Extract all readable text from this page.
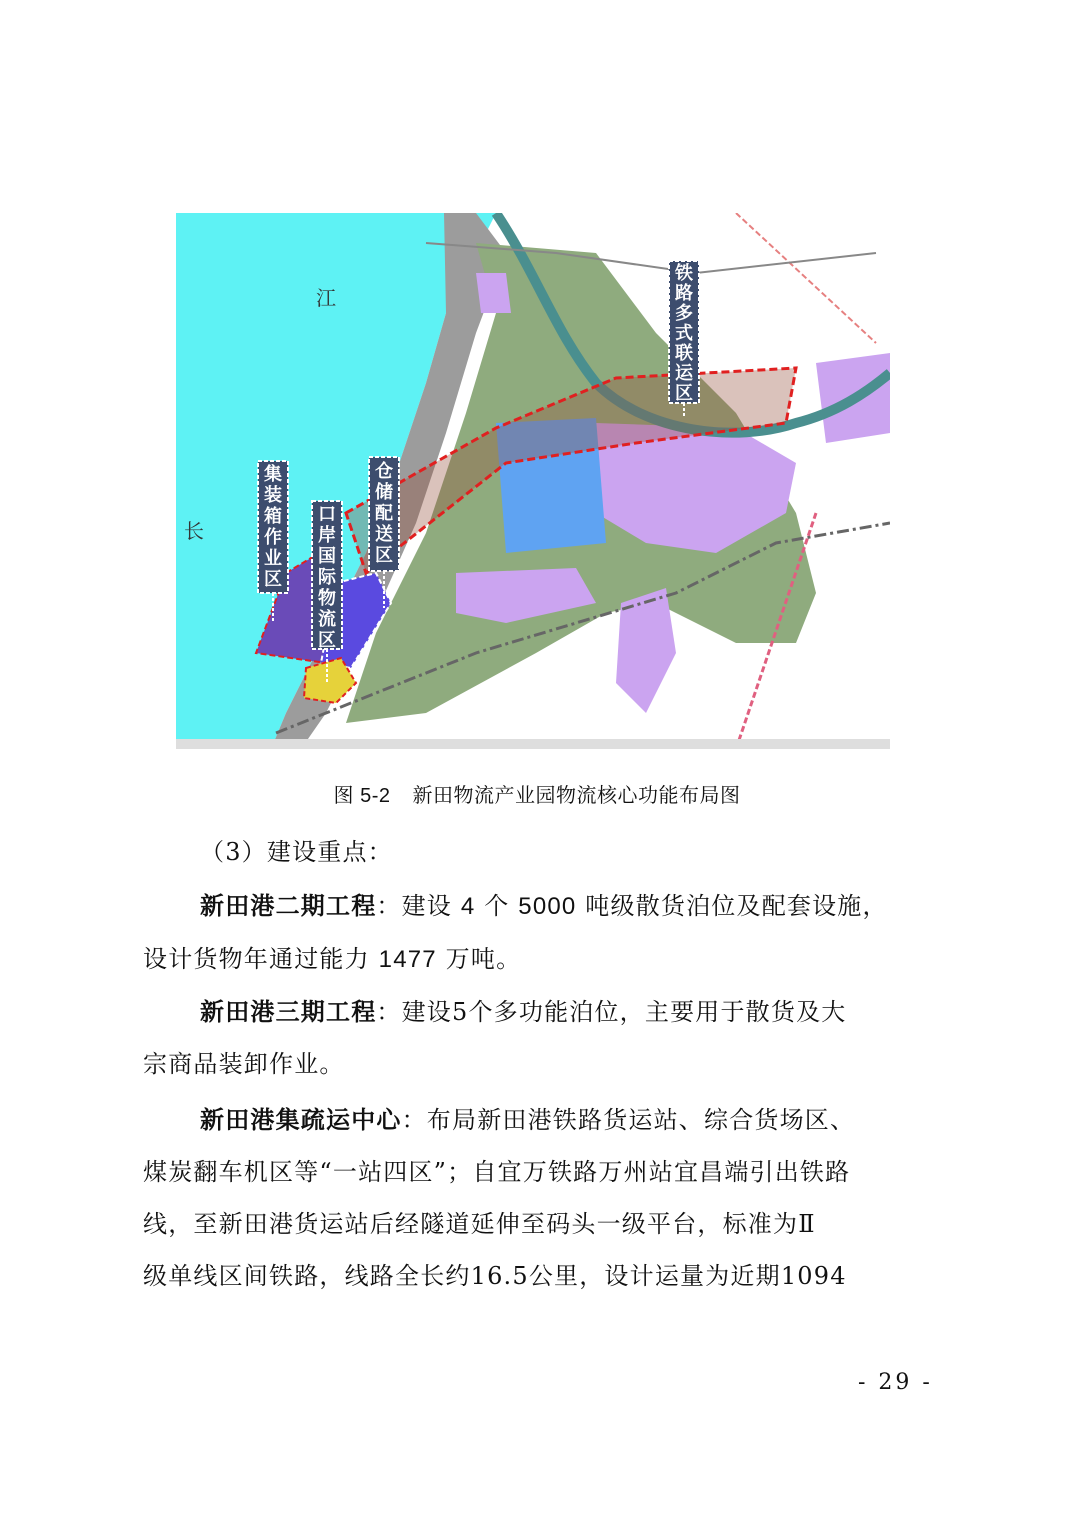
江
长
铁
路
多
式
联
运
区
仓
储
配
送
区
集
装
箱
作
业
区
口
岸
国
际
物
流
区
图 5-2 新田物流产业园物流核心功能布局图
（3）建设重点：
新田港二期工程：建设 4 个 5000 吨级散货泊位及配套设施，
设计货物年通过能力 1477 万吨。
新田港三期工程：建设5个多功能泊位，主要用于散货及大
宗商品装卸作业。
新田港集疏运中心：布局新田港铁路货运站、综合货场区、
煤炭翻车机区等“一站四区”；自宜万铁路万州站宜昌端引出铁路
线，至新田港货运站后经隧道延伸至码头一级平台，标准为Ⅱ
级单线区间铁路，线路全长约16.5公里，设计运量为近期1094
- 29 -
